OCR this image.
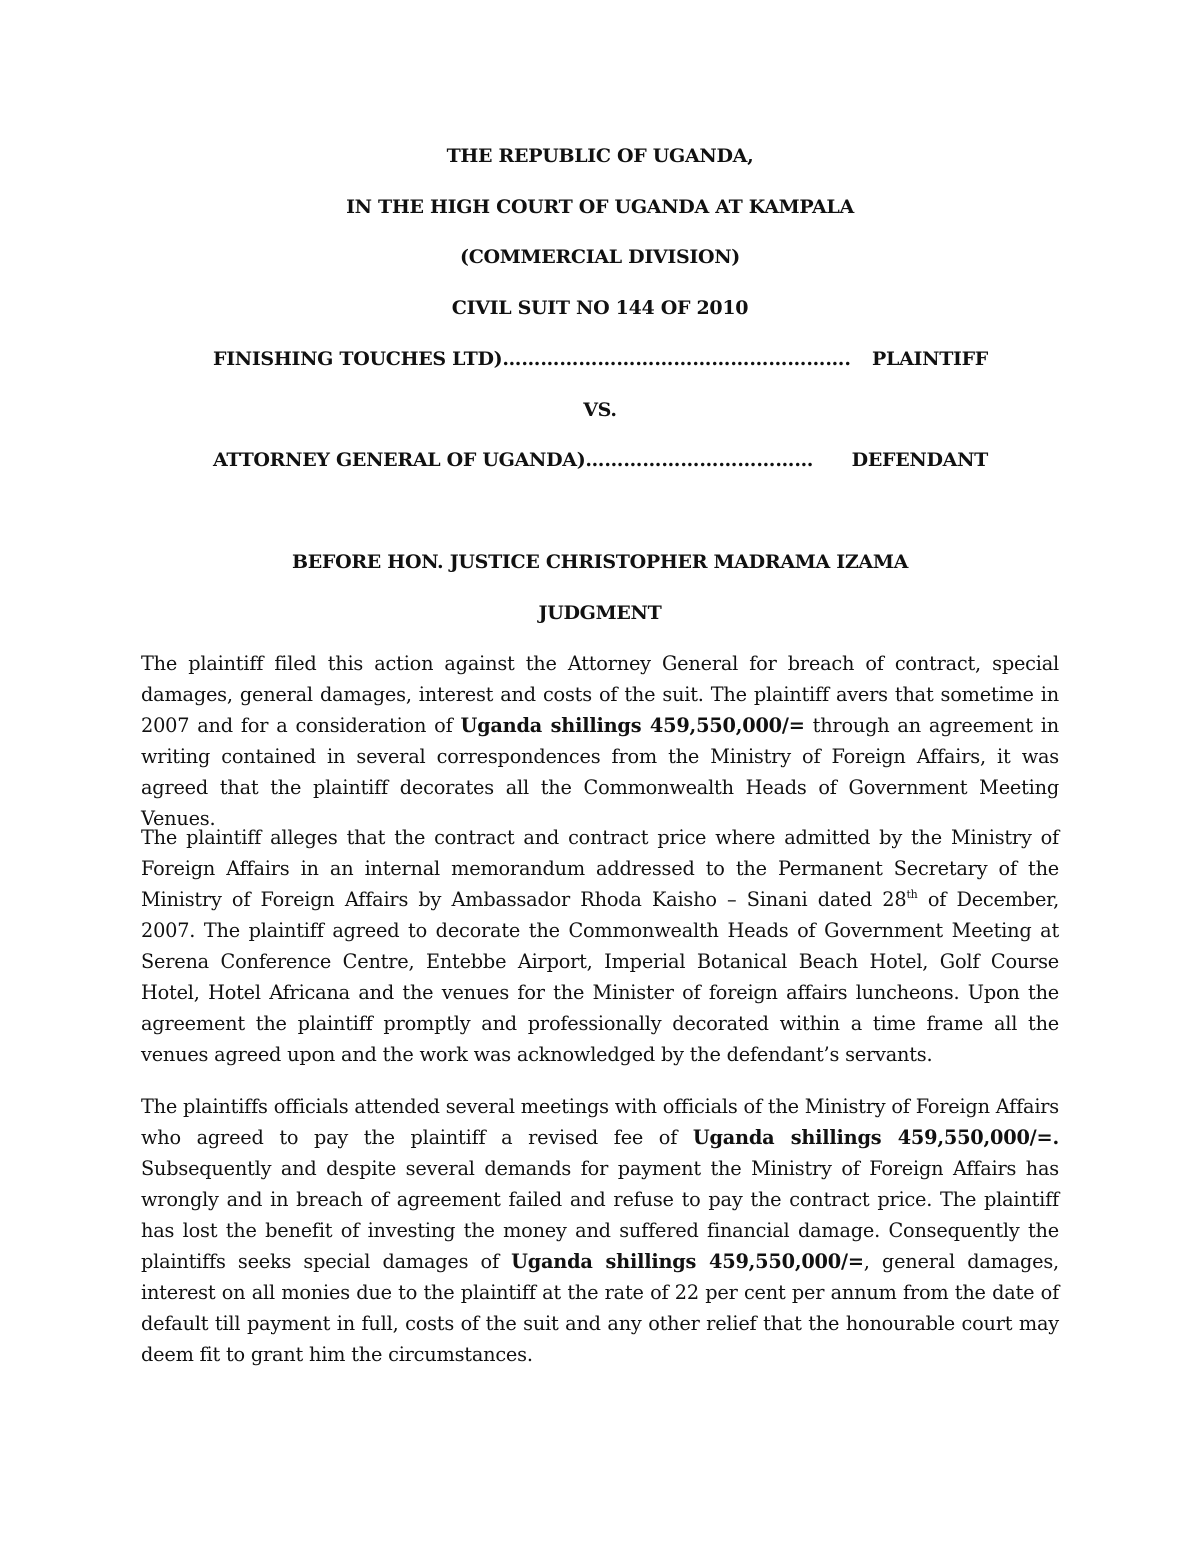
THE REPUBLIC OF UGANDA,
IN THE HIGH COURT OF UGANDA AT KAMPALA
(COMMERCIAL DIVISION)
CIVIL SUIT NO 144 OF 2010
FINISHING TOUCHES LTD) ……………………………………………….	PLAINTIFF
VS.
ATTORNEY GENERAL OF UGANDA) ………………………………	DEFENDANT
BEFORE HON. JUSTICE CHRISTOPHER MADRAMA IZAMA
JUDGMENT

The plaintiff filed this action against the Attorney General for breach of contract, special damages, general damages, interest and costs of the suit. The plaintiff avers that sometime in 2007 and for a consideration of Uganda shillings 459,550,000/= through an agreement in writing contained in several correspondences from the Ministry of Foreign Affairs, it was agreed that the plaintiff decorates all the Commonwealth Heads of Government Meeting Venues.

The plaintiff alleges that the contract and contract price where admitted by the Ministry of Foreign Affairs in an internal memorandum addressed to the Permanent Secretary of the Ministry of Foreign Affairs by Ambassador Rhoda Kaisho – Sinani dated 28th of December, 2007. The plaintiff agreed to decorate the Commonwealth Heads of Government Meeting at Serena Conference Centre, Entebbe Airport, Imperial Botanical Beach Hotel, Golf Course Hotel, Hotel Africana and the venues for the Minister of foreign affairs luncheons. Upon the agreement the plaintiff promptly and professionally decorated within a time frame all the venues agreed upon and the work was acknowledged by the defendant’s servants.

The plaintiffs officials attended several meetings with officials of the Ministry of Foreign Affairs who agreed to pay the plaintiff a revised fee of Uganda shillings 459,550,000/=. Subsequently and despite several demands for payment the Ministry of Foreign Affairs has wrongly and in breach of agreement failed and refuse to pay the contract price. The plaintiff has lost the benefit of investing the money and suffered financial damage. Consequently the plaintiffs seeks special damages of Uganda shillings 459,550,000/=, general damages, interest on all monies due to the plaintiff at the rate of 22 per cent per annum from the date of default till payment in full, costs of the suit and any other relief that the honourable court may deem fit to grant him the circumstances.
